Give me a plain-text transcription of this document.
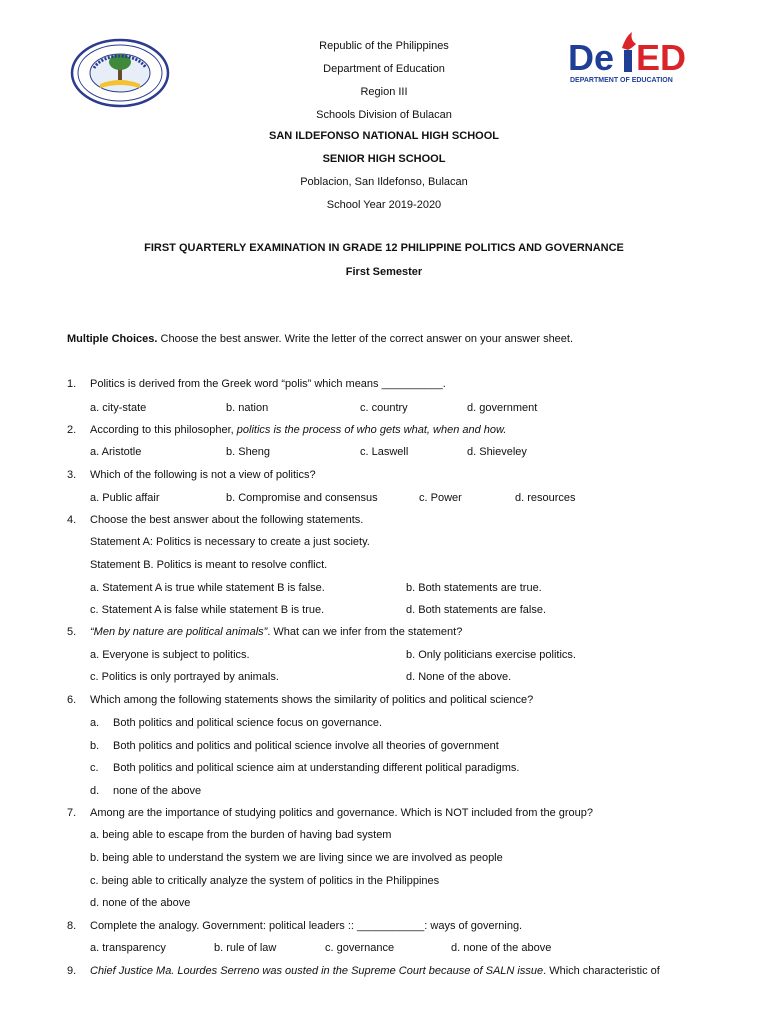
De ED
DEPARTMENT OF EDUCATION
Republic of the Philippines
Department of Education
Region III
Schools Division of Bulacan
SAN ILDEFONSO NATIONAL HIGH SCHOOL
SENIOR HIGH SCHOOL
Poblacion, San Ildefonso, Bulacan
School Year 2019-2020
FIRST QUARTERLY EXAMINATION IN GRADE 12 PHILIPPINE POLITICS AND GOVERNANCE
First Semester
Multiple Choices. Choose the best answer. Write the letter of the correct answer on your answer sheet.
1. Politics is derived from the Greek word “polis” which means __________.
a. city-state	b. nation	c. country	d. government
2. According to this philosopher, politics is the process of who gets what, when and how.
a. Aristotle	b. Sheng	c. Laswell	d. Shieveley
3. Which of the following is not a view of politics?
a. Public affair	b. Compromise and consensus	c. Power	d. resources
4. Choose the best answer about the following statements.
Statement A: Politics is necessary to create a just society.
Statement B. Politics is meant to resolve conflict.
a. Statement A is true while statement B is false.	b. Both statements are true.
c. Statement A is false while statement B is true.	d. Both statements are false.
5. “Men by nature are political animals”. What can we infer from the statement?
a. Everyone is subject to politics.	b. Only politicians exercise politics.
c. Politics is only portrayed by animals.	d. None of the above.
6. Which among the following statements shows the similarity of politics and political science?
a. Both politics and political science focus on governance.
b. Both politics and politics and political science involve all theories of government
c. Both politics and political science aim at understanding different political paradigms.
d. none of the above
7. Among are the importance of studying politics and governance. Which is NOT included from the group?
a. being able to escape from the burden of having bad system
b. being able to understand the system we are living since we are involved as people
c. being able to critically analyze the system of politics in the Philippines
d. none of the above
8. Complete the analogy. Government: political leaders :: ___________: ways of governing.
a. transparency	b. rule of law	c. governance	d. none of the above
9. Chief Justice Ma. Lourdes Serreno was ousted in the Supreme Court because of SALN issue. Which characteristic of
